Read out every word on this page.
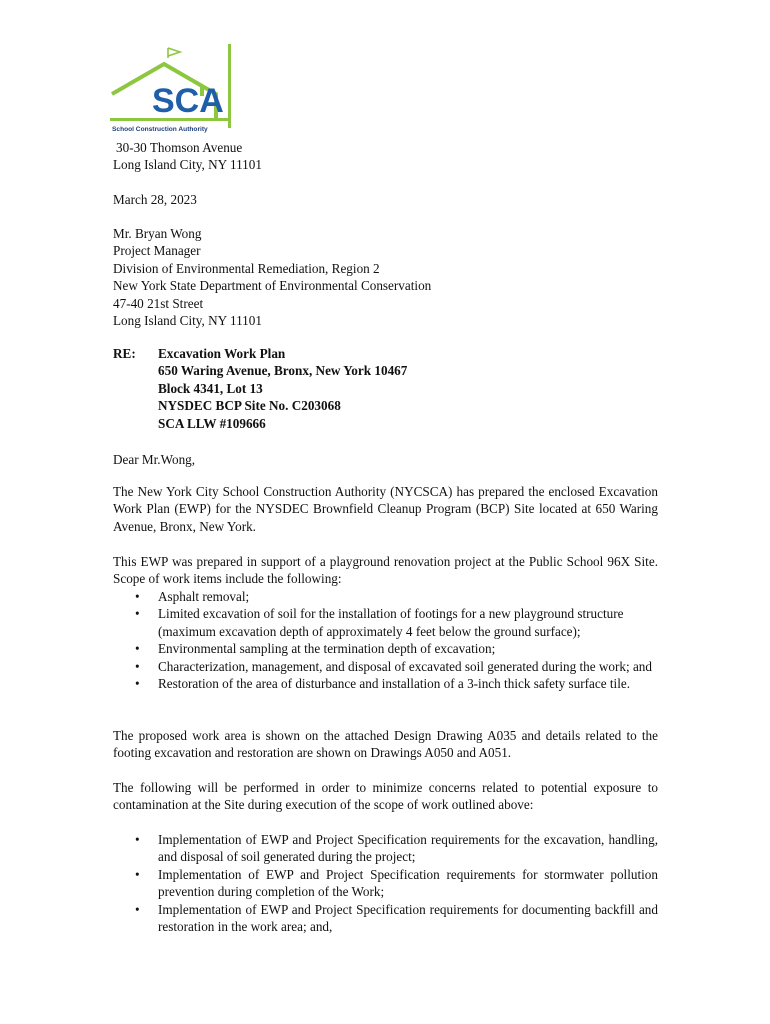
SCA
School Construction Authority
30-30 Thomson Avenue
Long Island City, NY 11101
March 28, 2023
Mr. Bryan Wong
Project Manager
Division of Environmental Remediation, Region 2
New York State Department of Environmental Conservation
47-40 21st Street
Long Island City, NY 11101
RE: Excavation Work Plan
650 Waring Avenue, Bronx, New York 10467
Block 4341, Lot 13
NYSDEC BCP Site No. C203068
SCA LLW #109666
Dear Mr.Wong,
The New York City School Construction Authority (NYCSCA) has prepared the enclosed Excavation Work Plan (EWP) for the NYSDEC Brownfield Cleanup Program (BCP) Site located at 650 Waring Avenue, Bronx, New York.
This EWP was prepared in support of a playground renovation project at the Public School 96X Site. Scope of work items include the following:
• Asphalt removal;
• Limited excavation of soil for the installation of footings for a new playground structure (maximum excavation depth of approximately 4 feet below the ground surface);
• Environmental sampling at the termination depth of excavation;
• Characterization, management, and disposal of excavated soil generated during the work; and
• Restoration of the area of disturbance and installation of a 3-inch thick safety surface tile.
The proposed work area is shown on the attached Design Drawing A035 and details related to the footing excavation and restoration are shown on Drawings A050 and A051.
The following will be performed in order to minimize concerns related to potential exposure to contamination at the Site during execution of the scope of work outlined above:
• Implementation of EWP and Project Specification requirements for the excavation, handling, and disposal of soil generated during the project;
• Implementation of EWP and Project Specification requirements for stormwater pollution prevention during completion of the Work;
• Implementation of EWP and Project Specification requirements for documenting backfill and restoration in the work area; and,
